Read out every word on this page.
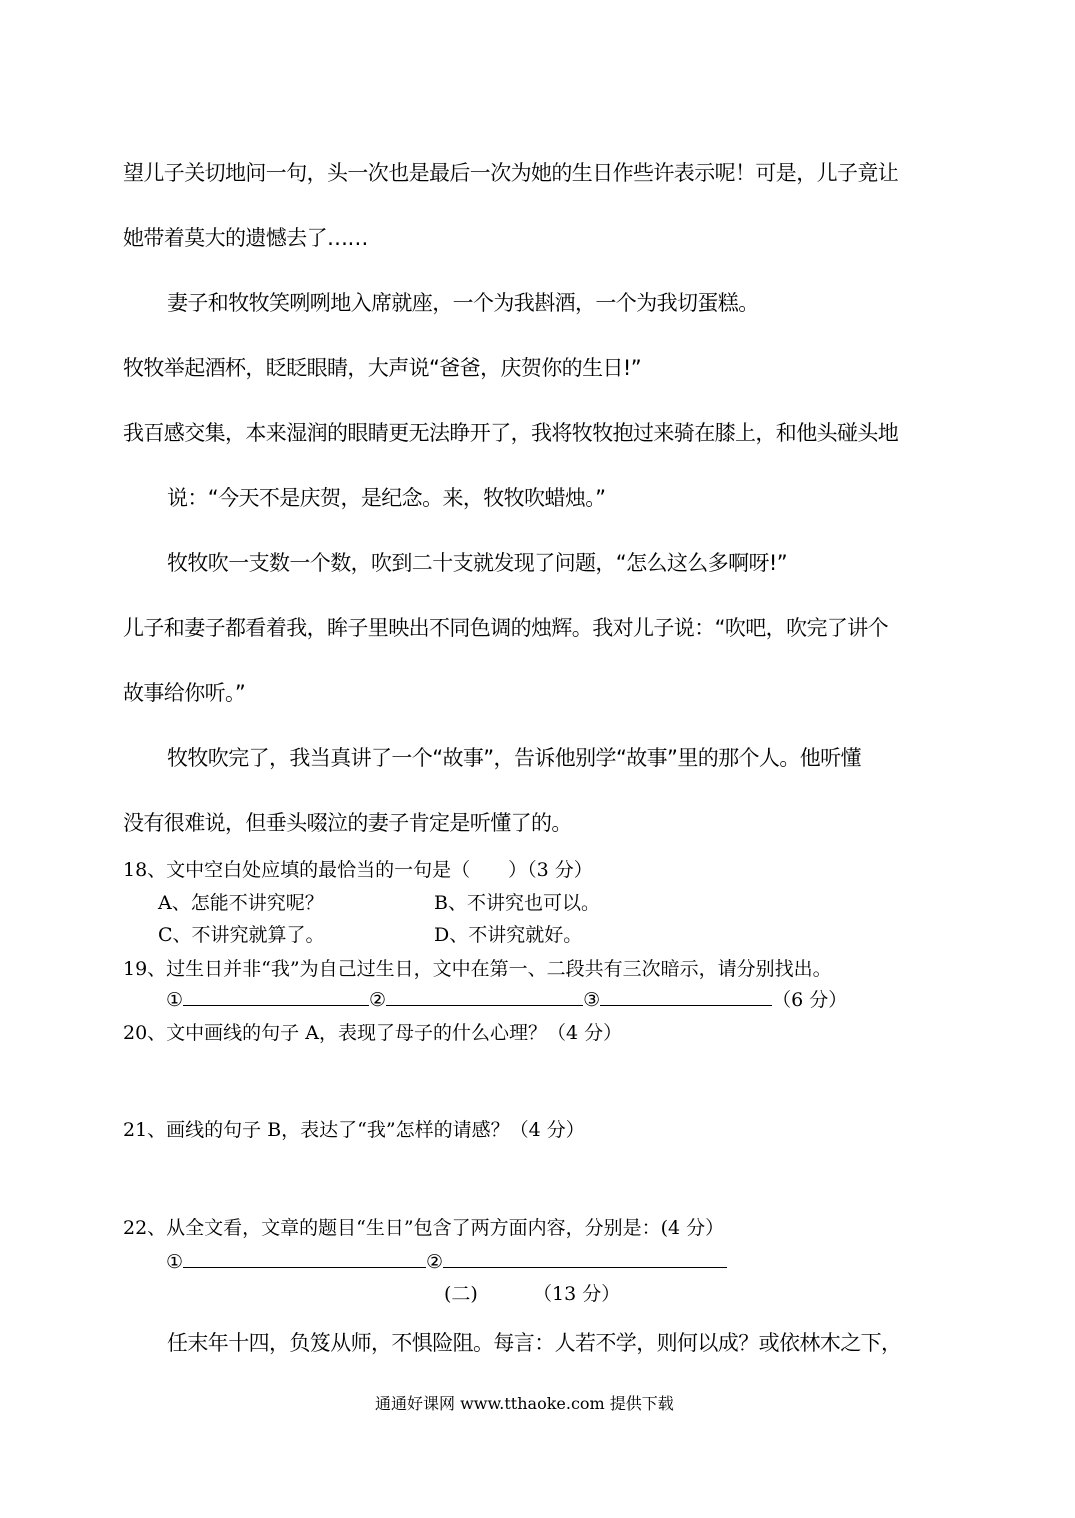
望儿子关切地问一句，头一次也是最后一次为她的生日作些许表示呢！可是，儿子竟让
她带着莫大的遗憾去了……
妻子和牧牧笑咧咧地入席就座，一个为我斟酒，一个为我切蛋糕。
牧牧举起酒杯，眨眨眼睛，大声说“爸爸，庆贺你的生日!”
我百感交集，本来湿润的眼睛更无法睁开了，我将牧牧抱过来骑在膝上，和他头碰头地
说：“今天不是庆贺，是纪念。来，牧牧吹蜡烛。”
牧牧吹一支数一个数，吹到二十支就发现了问题，“怎么这么多啊呀!”
儿子和妻子都看着我，眸子里映出不同色调的烛辉。我对儿子说：“吹吧，吹完了讲个
故事给你听。”
牧牧吹完了，我当真讲了一个“故事”，告诉他别学“故事”里的那个人。他听懂
没有很难说，但垂头啜泣的妻子肯定是听懂了的。
18、文中空白处应填的最恰当的一句是（　　）（3 分）
A、怎能不讲究呢？	B、不讲究也可以。
C、不讲究就算了。	D、不讲究就好。
19、过生日并非“我”为自己过生日，文中在第一、二段共有三次暗示，请分别找出。
①	②	③	（6 分）
20、文中画线的句子 A，表现了母子的什么心理？（4 分）
21、画线的句子 B，表达了“我”怎样的请感？（4 分）
22、从全文看，文章的题目“生日”包含了两方面内容，分别是：(4 分）
①	②
(二)	（13 分）
任末年十四，负笈从师，不惧险阻。每言：人若不学，则何以成？或依林木之下，
通通好课网 www.tthaoke.com 提供下载
